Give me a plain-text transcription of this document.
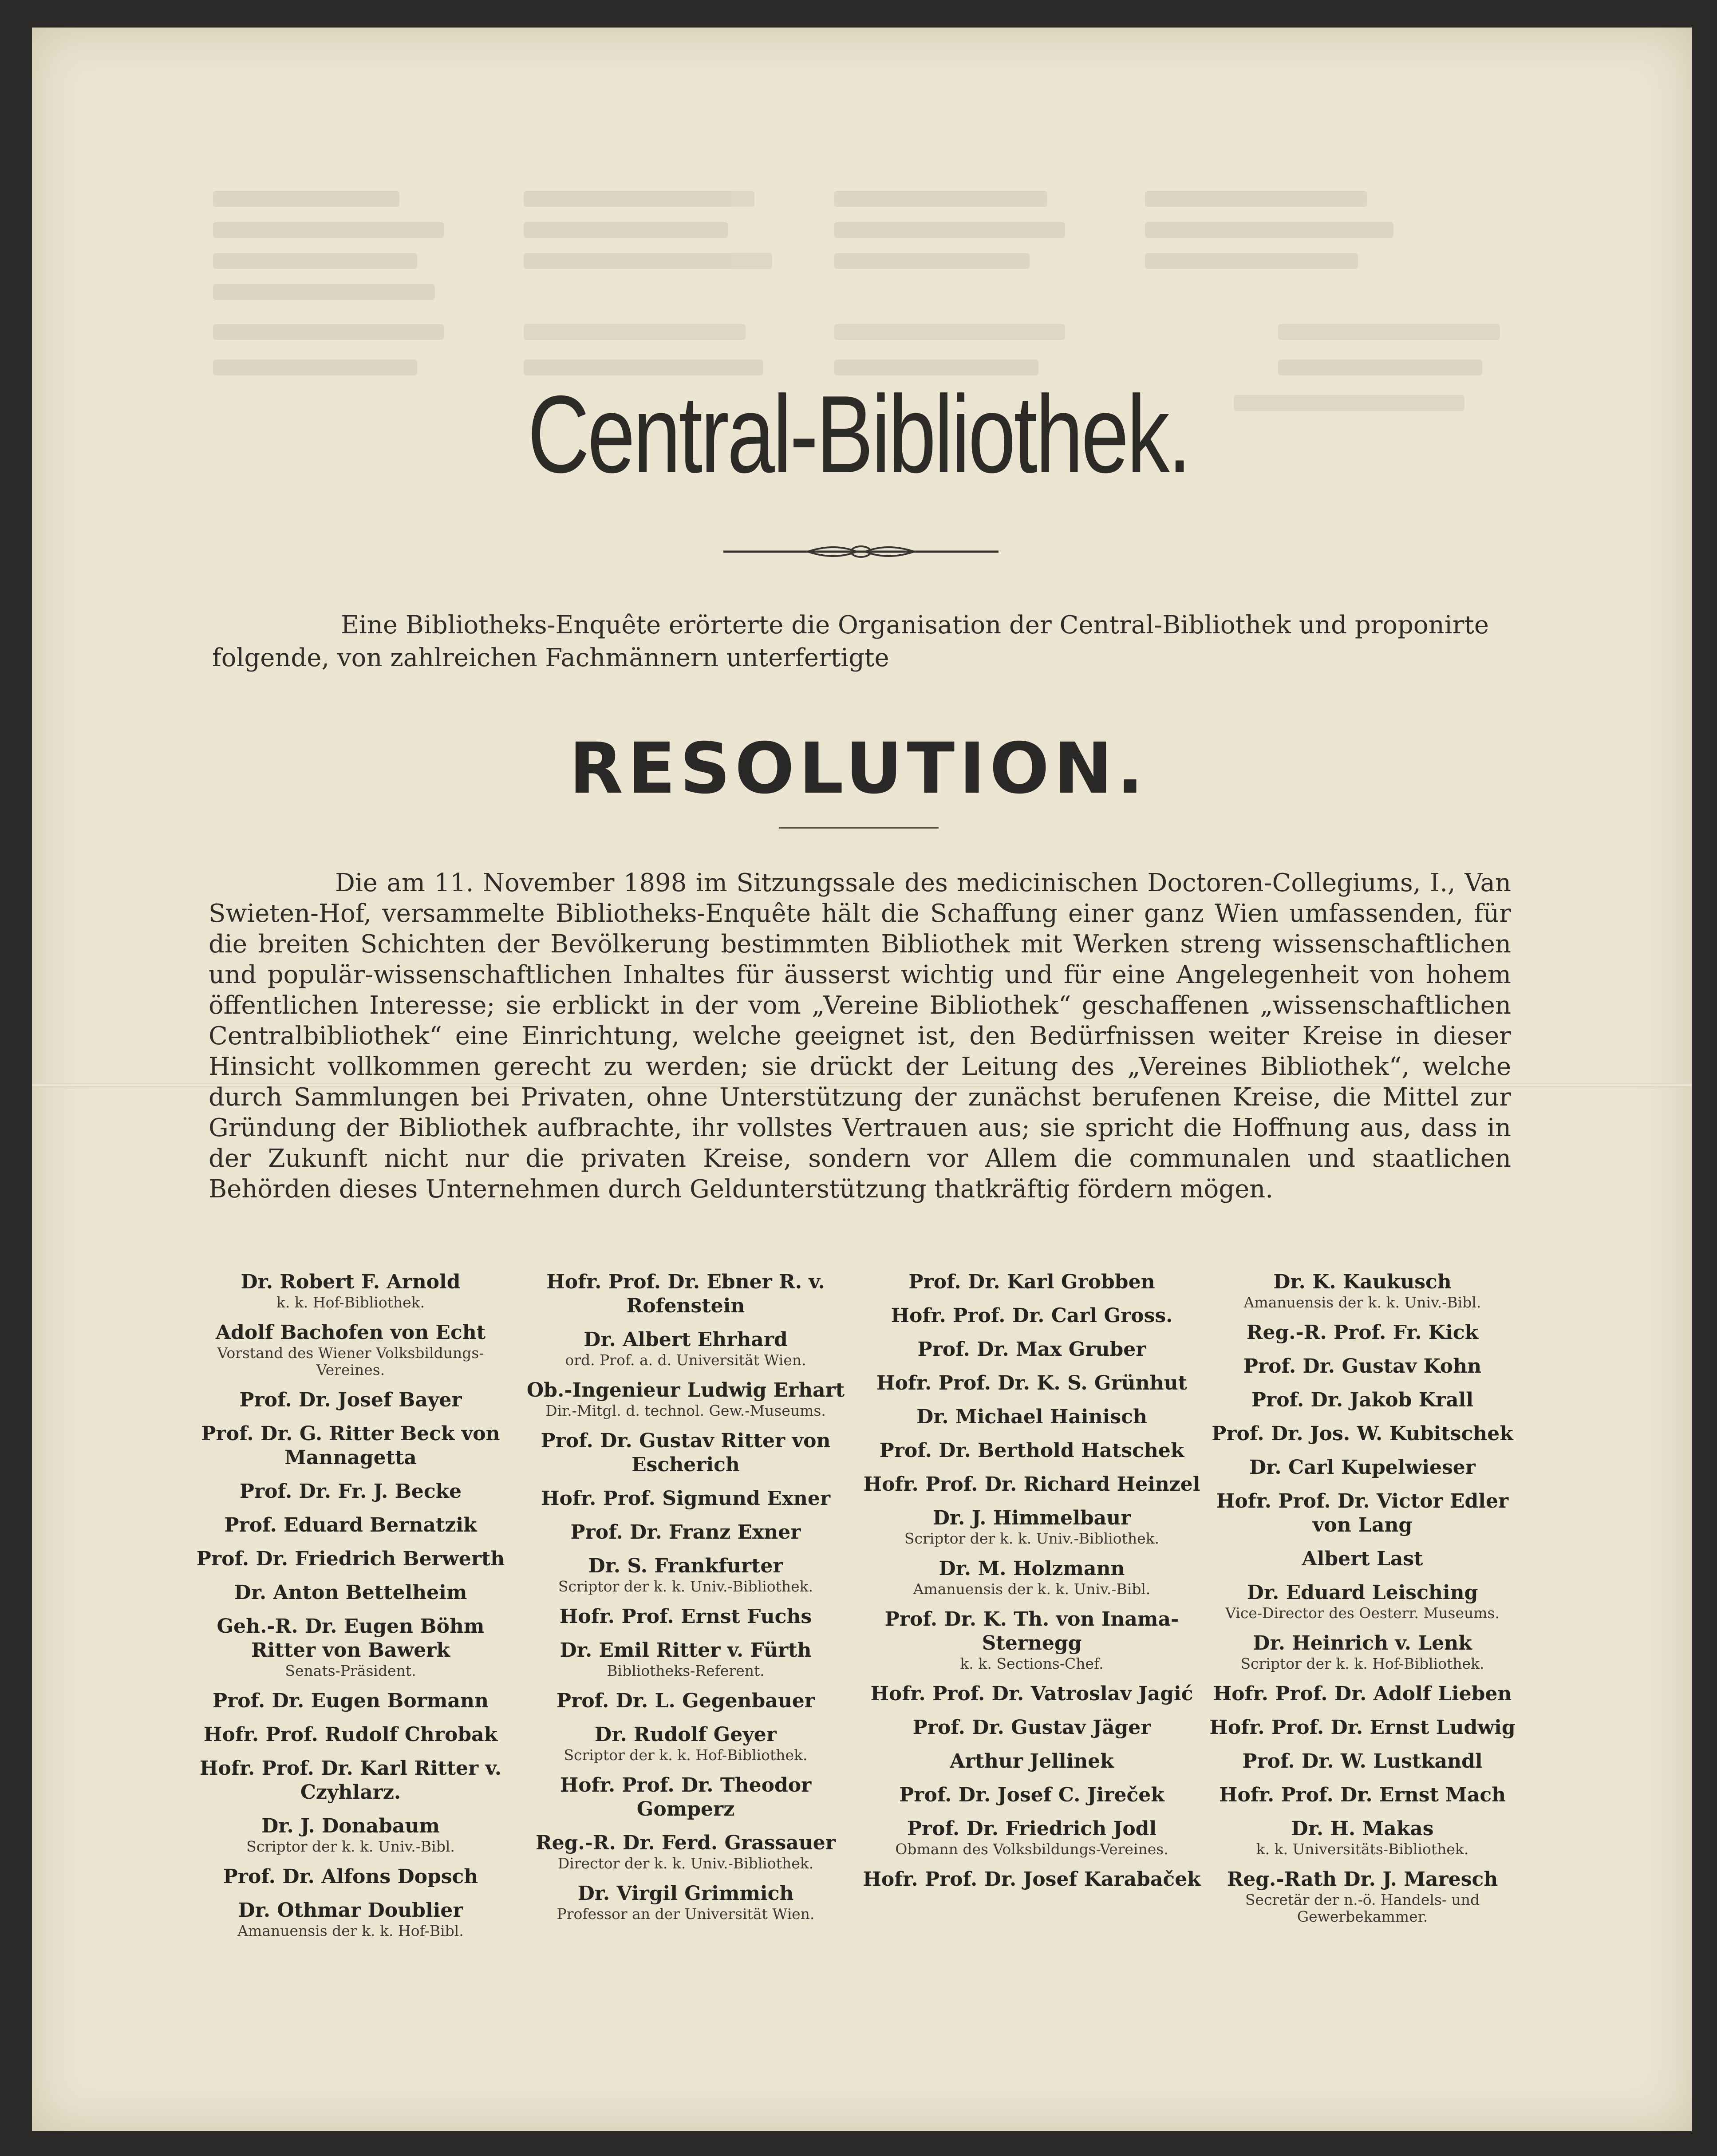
Central-Bibliothek.

Eine Bibliotheks-Enquête erörterte die Organisation der Central-Bibliothek und proponirte folgende, von zahlreichen Fachmännern unterfertigte

RESOLUTION.

Die am 11. November 1898 im Sitzungssale des medicinischen Doctoren-Collegiums, I., Van Swieten-Hof, versammelte Bibliotheks-Enquête hält die Schaffung einer ganz Wien umfassenden, für die breiten Schichten der Bevölkerung bestimmten Bibliothek mit Werken streng wissenschaftlichen und populär-wissenschaftlichen Inhaltes für äusserst wichtig und für eine Angelegenheit von hohem öffentlichen Interesse; sie erblickt in der vom „Vereine Bibliothek“ geschaffenen „wissenschaftlichen Centralbibliothek“ eine Einrichtung, welche geeignet ist, den Bedürfnissen weiter Kreise in dieser Hinsicht vollkommen gerecht zu werden; sie drückt der Leitung des „Vereines Bibliothek“, welche durch Sammlungen bei Privaten, ohne Unterstützung der zunächst berufenen Kreise, die Mittel zur Gründung der Bibliothek aufbrachte, ihr vollstes Vertrauen aus; sie spricht die Hoffnung aus, dass in der Zukunft nicht nur die privaten Kreise, sondern vor Allem die communalen und staatlichen Behörden dieses Unternehmen durch Geldunterstützung thatkräftig fördern mögen.

Dr. Robert F. Arnold
k. k. Hof-Bibliothek.
Adolf Bachofen von Echt
Vorstand des Wiener Volksbildungs-Vereines.
Prof. Dr. Josef Bayer
Prof. Dr. G. Ritter Beck von Mannagetta
Prof. Dr. Fr. J. Becke
Prof. Eduard Bernatzik
Prof. Dr. Friedrich Berwerth
Dr. Anton Bettelheim
Geh.-R. Dr. Eugen Böhm Ritter von Bawerk
Senats-Präsident.
Prof. Dr. Eugen Bormann
Hofr. Prof. Rudolf Chrobak
Hofr. Prof. Dr. Karl Ritter v. Czyhlarz.
Dr. J. Donabaum
Scriptor der k. k. Univ.-Bibl.
Prof. Dr. Alfons Dopsch
Dr. Othmar Doublier
Amanuensis der k. k. Hof-Bibl.
Hofr. Prof. Dr. Ebner R. v. Rofenstein
Dr. Albert Ehrhard
ord. Prof. a. d. Universität Wien.
Ob.-Ingenieur Ludwig Erhart
Dir.-Mitgl. d. technol. Gew.-Museums.
Prof. Dr. Gustav Ritter von Escherich
Hofr. Prof. Sigmund Exner
Prof. Dr. Franz Exner
Dr. S. Frankfurter
Scriptor der k. k. Univ.-Bibliothek.
Hofr. Prof. Ernst Fuchs
Dr. Emil Ritter v. Fürth
Bibliotheks-Referent.
Prof. Dr. L. Gegenbauer
Dr. Rudolf Geyer
Scriptor der k. k. Hof-Bibliothek.
Hofr. Prof. Dr. Theodor Gomperz
Reg.-R. Dr. Ferd. Grassauer
Director der k. k. Univ.-Bibliothek.
Dr. Virgil Grimmich
Professor an der Universität Wien.
Prof. Dr. Karl Grobben
Hofr. Prof. Dr. Carl Gross.
Prof. Dr. Max Gruber
Hofr. Prof. Dr. K. S. Grünhut
Dr. Michael Hainisch
Prof. Dr. Berthold Hatschek
Hofr. Prof. Dr. Richard Heinzel
Dr. J. Himmelbaur
Scriptor der k. k. Univ.-Bibliothek.
Dr. M. Holzmann
Amanuensis der k. k. Univ.-Bibl.
Prof. Dr. K. Th. von Inama-Sternegg
k. k. Sections-Chef.
Hofr. Prof. Dr. Vatroslav Jagić
Prof. Dr. Gustav Jäger
Arthur Jellinek
Prof. Dr. Josef C. Jireček
Prof. Dr. Friedrich Jodl
Obmann des Volksbildungs-Vereines.
Hofr. Prof. Dr. Josef Karabaček
Dr. K. Kaukusch
Amanuensis der k. k. Univ.-Bibl.
Reg.-R. Prof. Fr. Kick
Prof. Dr. Gustav Kohn
Prof. Dr. Jakob Krall
Prof. Dr. Jos. W. Kubitschek
Dr. Carl Kupelwieser
Hofr. Prof. Dr. Victor Edler von Lang
Albert Last
Dr. Eduard Leisching
Vice-Director des Oesterr. Museums.
Dr. Heinrich v. Lenk
Scriptor der k. k. Hof-Bibliothek.
Hofr. Prof. Dr. Adolf Lieben
Hofr. Prof. Dr. Ernst Ludwig
Prof. Dr. W. Lustkandl
Hofr. Prof. Dr. Ernst Mach
Dr. H. Makas
k. k. Universitäts-Bibliothek.
Reg.-Rath Dr. J. Maresch
Secretär der n.-ö. Handels- und Gewerbekammer.
